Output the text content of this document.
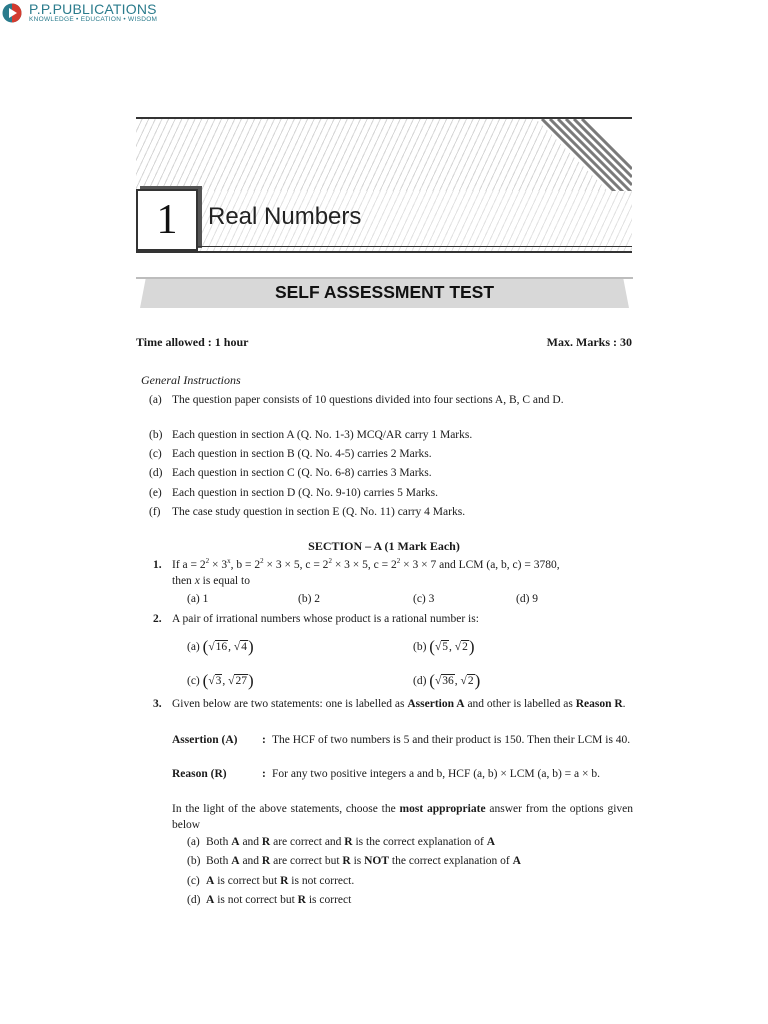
P.P.PUBLICATIONS
KNOWLEDGE • EDUCATION • WISDOM
1	Real Numbers
SELF ASSESSMENT TEST
Time allowed : 1 hour	Max. Marks : 30
General Instructions
(a) The question paper consists of 10 questions divided into four sections A, B, C and D.
(b) Each question in section A (Q. No. 1-3) MCQ/AR carry 1 Marks.
(c) Each question in section B (Q. No. 4-5) carries 2 Marks.
(d) Each question in section C (Q. No. 6-8) carries 3 Marks.
(e) Each question in section D (Q. No. 9-10) carries 5 Marks.
(f) The case study question in section E (Q. No. 11) carry 4 Marks.
SECTION – A (1 Mark Each)
1. If $a = 2^2 \times 3^x$, $b = 2^2 \times 3 \times 5$, $c = 2^2 \times 3 \times 5$, $c = 2^2 \times 3 \times 7$ and LCM (a, b, c) = 3780,
then x is equal to
(a) 1	(b) 2	(c) 3	(d) 9
2. A pair of irrational numbers whose product is a rational number is:
(a) (√16, √4)	(b) (√5, √2)
(c) (√3, √27)	(d) (√36, √2)
3. Given below are two statements: one is labelled as Assertion A and other is labelled as Reason R.
Assertion (A) : The HCF of two numbers is 5 and their product is 150. Then their LCM is 40.
Reason (R)	: For any two positive integers a and b, HCF (a, b) × LCM (a, b) = a × b.
In the light of the above statements, choose the most appropriate answer from the options given below
(a) Both A and R are correct and R is the correct explanation of A
(b) Both A and R are correct but R is NOT the correct explanation of A
(c) A is correct but R is not correct.
(d) A is not correct but R is correct
